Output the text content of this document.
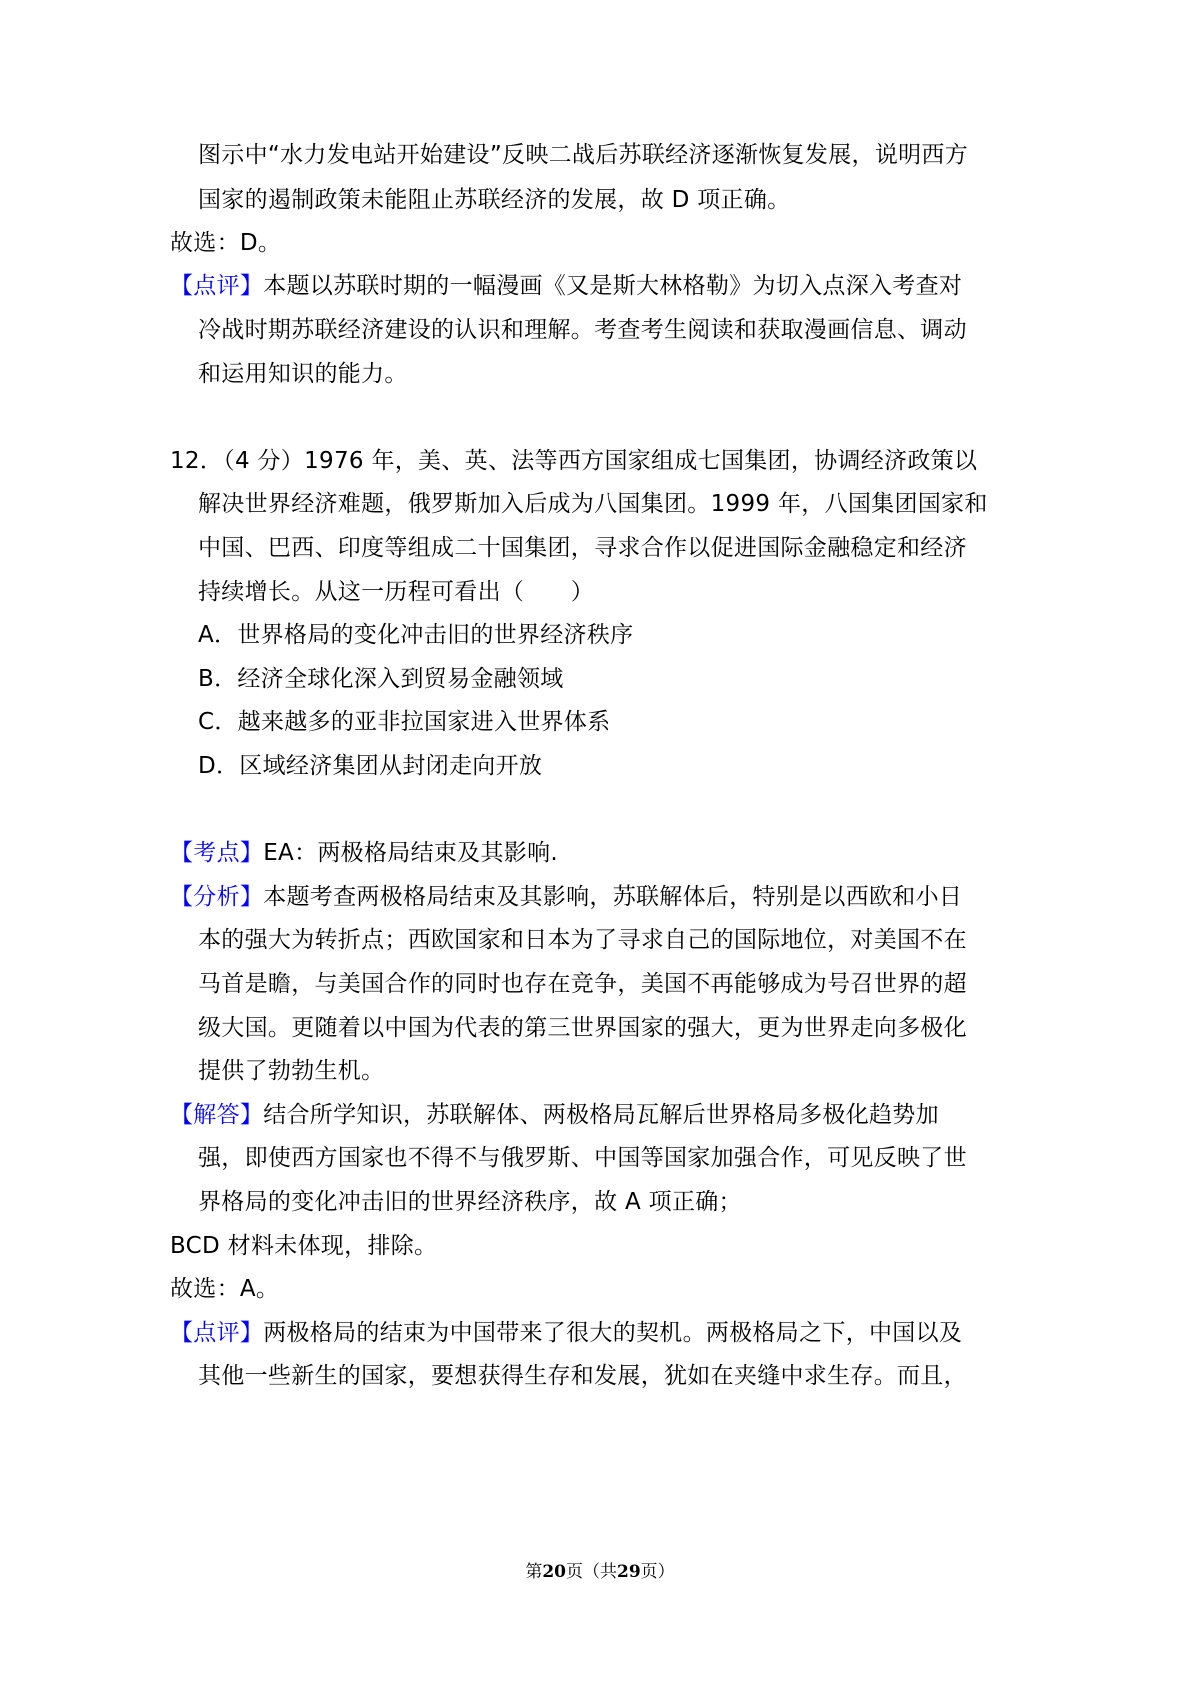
图示中“水力发电站开始建设”反映二战后苏联经济逐渐恢复发展，说明西方
国家的遏制政策未能阻止苏联经济的发展，故 D 项正确。
故选：D。
【点评】本题以苏联时期的一幅漫画《又是斯大林格勒》为切入点深入考查对
冷战时期苏联经济建设的认识和理解。考查考生阅读和获取漫画信息、调动
和运用知识的能力。
12．（4 分）1976 年，美、英、法等西方国家组成七国集团，协调经济政策以
解决世界经济难题，俄罗斯加入后成为八国集团。1999 年，八国集团国家和
中国、巴西、印度等组成二十国集团，寻求合作以促进国际金融稳定和经济
持续增长。从这一历程可看出（　　）
A．世界格局的变化冲击旧的世界经济秩序
B．经济全球化深入到贸易金融领域
C．越来越多的亚非拉国家进入世界体系
D．区域经济集团从封闭走向开放
【考点】EA：两极格局结束及其影响.
【分析】本题考查两极格局结束及其影响，苏联解体后，特别是以西欧和小日
本的强大为转折点；西欧国家和日本为了寻求自己的国际地位，对美国不在
马首是瞻，与美国合作的同时也存在竞争，美国不再能够成为号召世界的超
级大国。更随着以中国为代表的第三世界国家的强大，更为世界走向多极化
提供了勃勃生机。
【解答】结合所学知识，苏联解体、两极格局瓦解后世界格局多极化趋势加
强，即使西方国家也不得不与俄罗斯、中国等国家加强合作，可见反映了世
界格局的变化冲击旧的世界经济秩序，故 A 项正确；
BCD 材料未体现，排除。
故选：A。
【点评】两极格局的结束为中国带来了很大的契机。两极格局之下，中国以及
其他一些新生的国家，要想获得生存和发展，犹如在夹缝中求生存。而且，
第20页（共29页）
